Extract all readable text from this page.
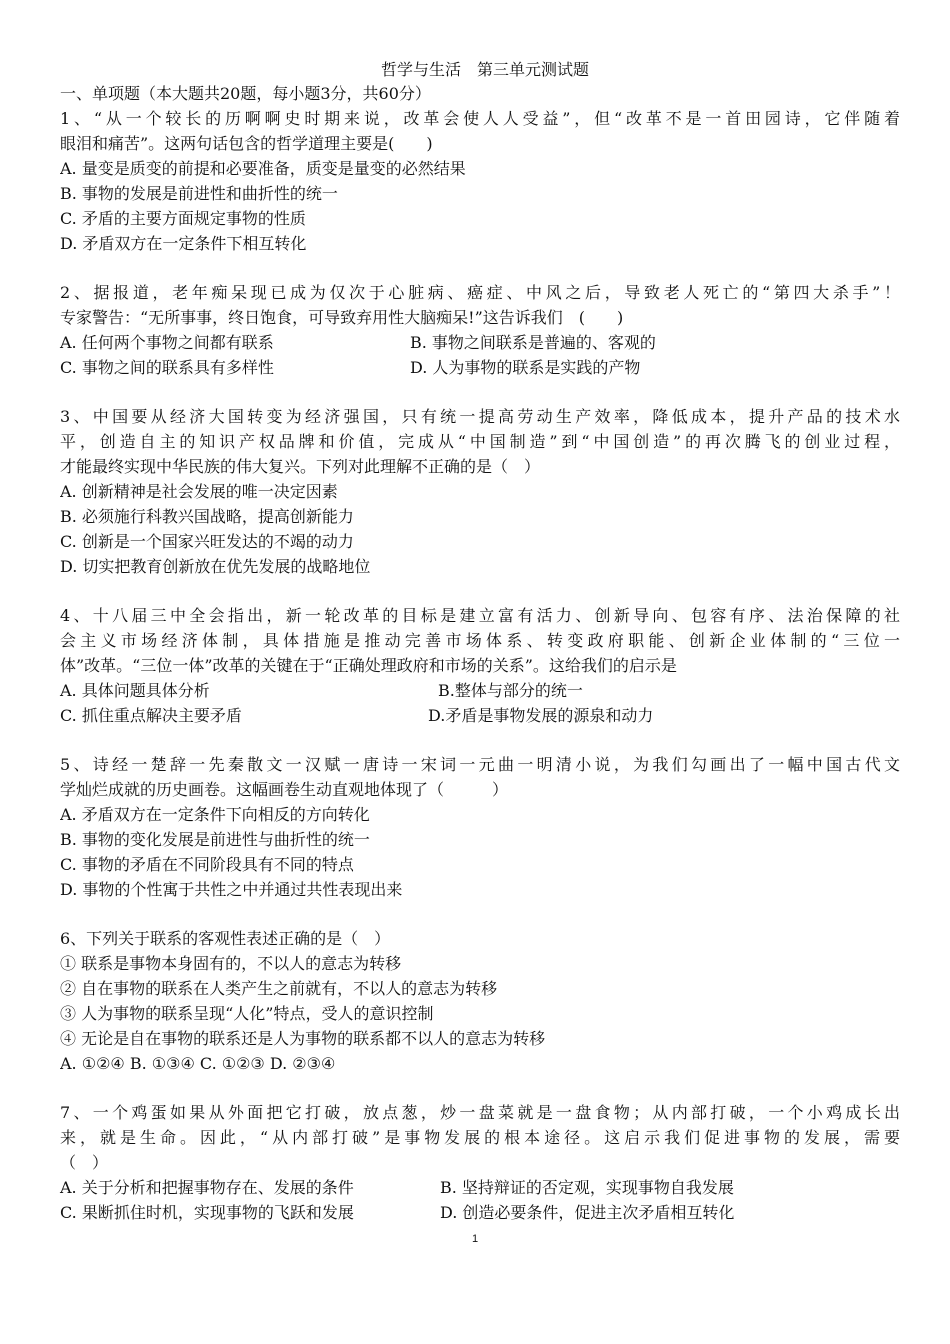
哲学与生活　第三单元测试题
一、单项题（本大题共20题，每小题3分，共60分）
1、“从一个较长的历啊啊史时期来说，改革会使人人受益”，但“改革不是一首田园诗，它伴随着
眼泪和痛苦”。这两句话包含的哲学道理主要是(　　)
A. 量变是质变的前提和必要准备，质变是量变的必然结果
B. 事物的发展是前进性和曲折性的统一
C. 矛盾的主要方面规定事物的性质
D. 矛盾双方在一定条件下相互转化
2、据报道，老年痴呆现已成为仅次于心脏病、癌症、中风之后，导致老人死亡的“第四大杀手”！
专家警告：“无所事事，终日饱食，可导致弃用性大脑痴呆!”这告诉我们　(　　)
A. 任何两个事物之间都有联系	B. 事物之间联系是普遍的、客观的
C. 事物之间的联系具有多样性	D. 人为事物的联系是实践的产物
3、中国要从经济大国转变为经济强国，只有统一提高劳动生产效率，降低成本，提升产品的技术水
平，创造自主的知识产权品牌和价值，完成从“中国制造”到“中国创造”的再次腾飞的创业过程，
才能最终实现中华民族的伟大复兴。下列对此理解不正确的是（　）
A. 创新精神是社会发展的唯一决定因素
B. 必须施行科教兴国战略，提高创新能力
C. 创新是一个国家兴旺发达的不竭的动力
D. 切实把教育创新放在优先发展的战略地位
4、十八届三中全会指出，新一轮改革的目标是建立富有活力、创新导向、包容有序、法治保障的社
会主义市场经济体制，具体措施是推动完善市场体系、转变政府职能、创新企业体制的“三位一
体”改革。“三位一体”改革的关键在于“正确处理政府和市场的关系”。这给我们的启示是
A. 具体问题具体分析	B.整体与部分的统一
C. 抓住重点解决主要矛盾	D.矛盾是事物发展的源泉和动力
5、诗经一楚辞一先秦散文一汉赋一唐诗一宋词一元曲一明清小说，为我们勾画出了一幅中国古代文
学灿烂成就的历史画卷。这幅画卷生动直观地体现了（　　　）
A. 矛盾双方在一定条件下向相反的方向转化
B. 事物的变化发展是前进性与曲折性的统一
C. 事物的矛盾在不同阶段具有不同的特点
D. 事物的个性寓于共性之中并通过共性表现出来
6、下列关于联系的客观性表述正确的是（　）
① 联系是事物本身固有的，不以人的意志为转移
② 自在事物的联系在人类产生之前就有，不以人的意志为转移
③ 人为事物的联系呈现“人化”特点，受人的意识控制
④ 无论是自在事物的联系还是人为事物的联系都不以人的意志为转移
A. ①②④ B. ①③④ C. ①②③ D. ②③④
7、一个鸡蛋如果从外面把它打破，放点葱，炒一盘菜就是一盘食物；从内部打破，一个小鸡成长出
来，就是生命。因此，“从内部打破”是事物发展的根本途径。这启示我们促进事物的发展，需要
（　）
A. 关于分析和把握事物存在、发展的条件	B. 坚持辩证的否定观，实现事物自我发展
C. 果断抓住时机，实现事物的飞跃和发展	D. 创造必要条件，促进主次矛盾相互转化
1
